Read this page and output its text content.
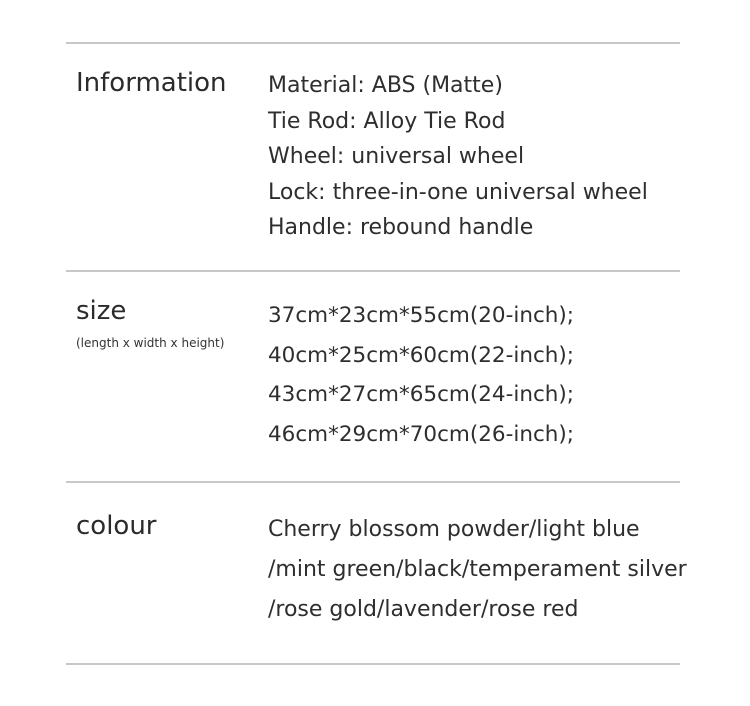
Information Material: ABS (Matte)
Tie Rod: Alloy Tie Rod
Wheel: universal wheel
Lock: three-in-one universal wheel
Handle: rebound handle
size
(length x width x height)
37cm*23cm*55cm(20-inch);
40cm*25cm*60cm(22-inch);
43cm*27cm*65cm(24-inch);
46cm*29cm*70cm(26-inch);
colour	Cherry blossom powder/light blue
/mint green/black/temperament silver
/rose gold/lavender/rose red
